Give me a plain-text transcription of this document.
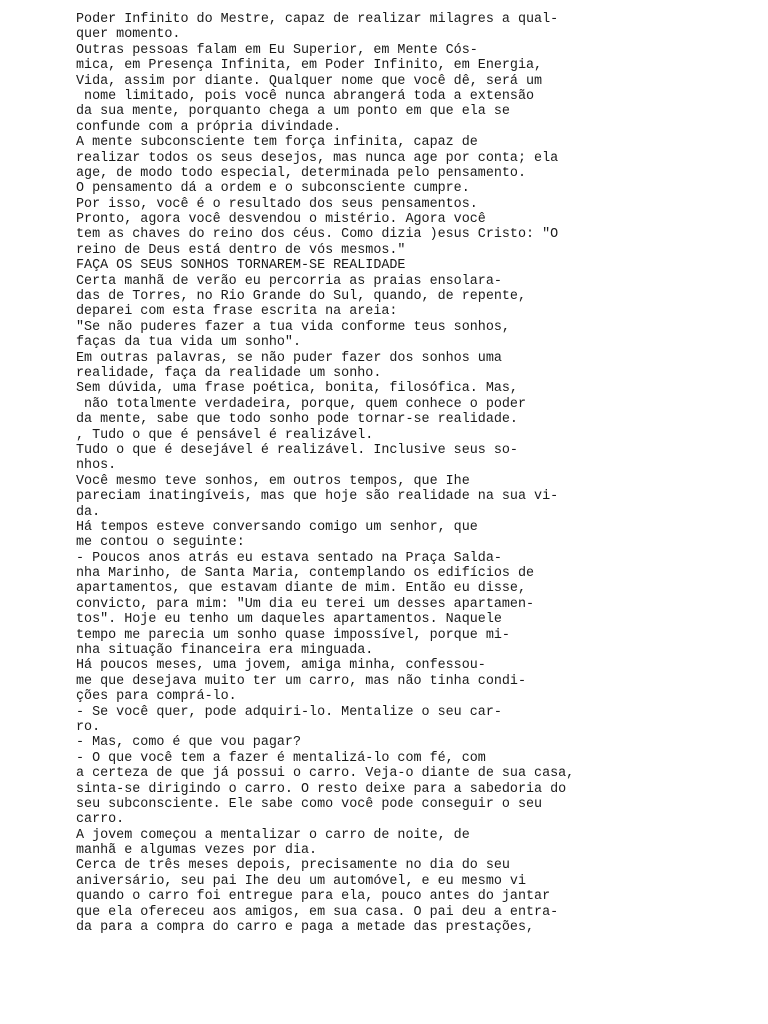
Poder Infinito do Mestre, capaz de realizar milagres a qual-

quer momento.

Outras pessoas falam em Eu Superior, em Mente Cós-

mica, em Presença Infinita, em Poder Infinito, em Energia,

Vida, assim por diante. Qualquer nome que você dê, será um

nome limitado, pois você nunca abrangerá toda a extensão

da sua mente, porquanto chega a um ponto em que ela se

confunde com a própria divindade.

A mente subconsciente tem força infinita, capaz de

realizar todos os seus desejos, mas nunca age por conta; ela

age, de modo todo especial, determinada pelo pensamento.

O pensamento dá a ordem e o subconsciente cumpre.

Por isso, você é o resultado dos seus pensamentos.

Pronto, agora você desvendou o mistério. Agora você

tem as chaves do reino dos céus. Como dizia )esus Cristo: "O

reino de Deus está dentro de vós mesmos."

FAÇA OS SEUS SONHOS TORNAREM-SE REALIDADE

Certa manhã de verão eu percorria as praias ensolara-

das de Torres, no Rio Grande do Sul, quando, de repente,

deparei com esta frase escrita na areia:

"Se não puderes fazer a tua vida conforme teus sonhos,

faças da tua vida um sonho".

Em outras palavras, se não puder fazer dos sonhos uma

realidade, faça da realidade um sonho.

Sem dúvida, uma frase poética, bonita, filosófica. Mas,

não totalmente verdadeira, porque, quem conhece o poder

da mente, sabe que todo sonho pode tornar-se realidade.

, Tudo o que é pensável é realizável.

Tudo o que é desejável é realizável. Inclusive seus so-

nhos.

Você mesmo teve sonhos, em outros tempos, que Ihe

pareciam inatingíveis, mas que hoje são realidade na sua vi-

da.

Há tempos esteve conversando comigo um senhor, que

me contou o seguinte:

- Poucos anos atrás eu estava sentado na Praça Salda-

nha Marinho, de Santa Maria, contemplando os edifícios de

apartamentos, que estavam diante de mim. Então eu disse,

convicto, para mim: "Um dia eu terei um desses apartamen-

tos". Hoje eu tenho um daqueles apartamentos. Naquele

tempo me parecia um sonho quase impossível, porque mi-

nha situação financeira era minguada.

Há poucos meses, uma jovem, amiga minha, confessou-

me que desejava muito ter um carro, mas não tinha condi-

ções para comprá-lo.

- Se você quer, pode adquiri-lo. Mentalize o seu car-

ro.

- Mas, como é que vou pagar?

- O que você tem a fazer é mentalizá-lo com fé, com

a certeza de que já possui o carro. Veja-o diante de sua casa,

sinta-se dirigindo o carro. O resto deixe para a sabedoria do

seu subconsciente. Ele sabe como você pode conseguir o seu

carro.

A jovem começou a mentalizar o carro de noite, de

manhã e algumas vezes por dia.

Cerca de três meses depois, precisamente no dia do seu

aniversário, seu pai Ihe deu um automóvel, e eu mesmo vi

quando o carro foi entregue para ela, pouco antes do jantar

que ela ofereceu aos amigos, em sua casa. O pai deu a entra-

da para a compra do carro e paga a metade das prestações,
